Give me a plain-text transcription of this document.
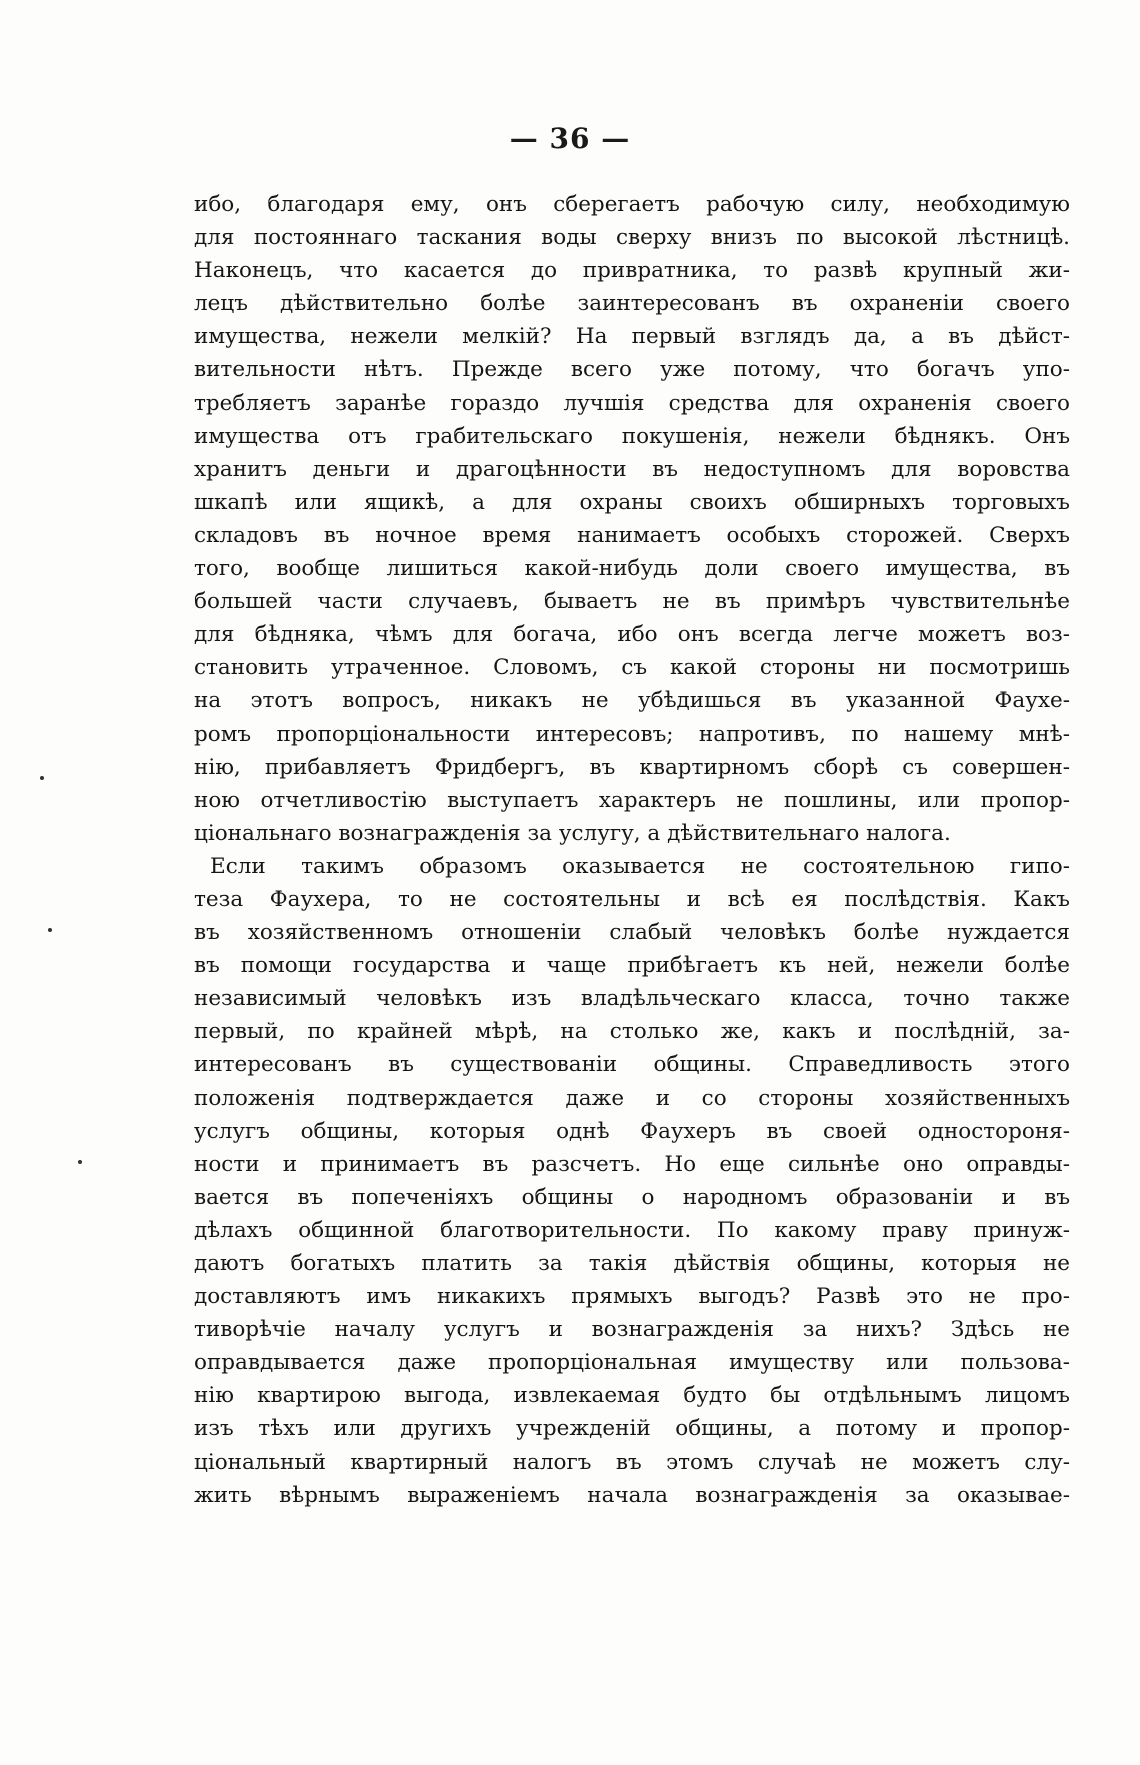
— 36 —
ибо, благодаря ему, онъ сберегаетъ рабочую силу, необходимую
для постояннаго таскания воды сверху внизъ по высокой лѣстницѣ.
Наконецъ, что касается до привратника, то развѣ крупный жи-
лецъ дѣйствительно болѣе заинтересованъ въ охраненіи своего
имущества, нежели мелкій? На первый взглядъ да, а въ дѣйст-
вительности нѣтъ. Прежде всего уже потому, что богачъ упо-
требляетъ заранѣе гораздо лучшія средства для охраненія своего
имущества отъ грабительскаго покушенія, нежели бѣднякъ. Онъ
хранитъ деньги и драгоцѣнности въ недоступномъ для воровства
шкапѣ или ящикѣ, а для охраны своихъ обширныхъ торговыхъ
складовъ въ ночное время нанимаетъ особыхъ сторожей. Сверхъ
того, вообще лишиться какой-нибудь доли своего имущества, въ
большей части случаевъ, бываетъ не въ примѣръ чувствительнѣе
для бѣдняка, чѣмъ для богача, ибо онъ всегда легче можетъ воз-
становить утраченное. Словомъ, съ какой стороны ни посмотришь
на этотъ вопросъ, никакъ не убѣдишься въ указанной Фаухе-
ромъ пропорціональности интересовъ; напротивъ, по нашему мнѣ-
нію, прибавляетъ Фридбергъ, въ квартирномъ сборѣ съ совершен-
ною отчетливостію выступаетъ характеръ не пошлины, или пропор-
ціональнаго вознагражденія за услугу, а дѣйствительнаго налога.
Если такимъ образомъ оказывается не состоятельною гипо-
теза Фаухера, то не состоятельны и всѣ ея послѣдствія. Какъ
въ хозяйственномъ отношеніи слабый человѣкъ болѣе нуждается
въ помощи государства и чаще прибѣгаетъ къ ней, нежели болѣе
независимый человѣкъ изъ владѣльческаго класса, точно также
первый, по крайней мѣрѣ, на столько же, какъ и послѣдній, за-
интересованъ въ существованіи общины. Справедливость этого
положенія подтверждается даже и со стороны хозяйственныхъ
услугъ общины, которыя однѣ Фаухеръ въ своей одностороня-
ности и принимаетъ въ разсчетъ. Но еще сильнѣе оно оправды-
вается въ попеченіяхъ общины о народномъ образованіи и въ
дѣлахъ общинной благотворительности. По какому праву принуж-
даютъ богатыхъ платить за такія дѣйствія общины, которыя не
доставляютъ имъ никакихъ прямыхъ выгодъ? Развѣ это не про-
тиворѣчіе началу услугъ и вознагражденія за нихъ? Здѣсь не
оправдывается даже пропорціональная имуществу или пользова-
нію квартирою выгода, извлекаемая будто бы отдѣльнымъ лицомъ
изъ тѣхъ или другихъ учрежденій общины, а потому и пропор-
ціональный квартирный налогъ въ этомъ случаѣ не можетъ слу-
жить вѣрнымъ выраженіемъ начала вознагражденія за оказывае-
